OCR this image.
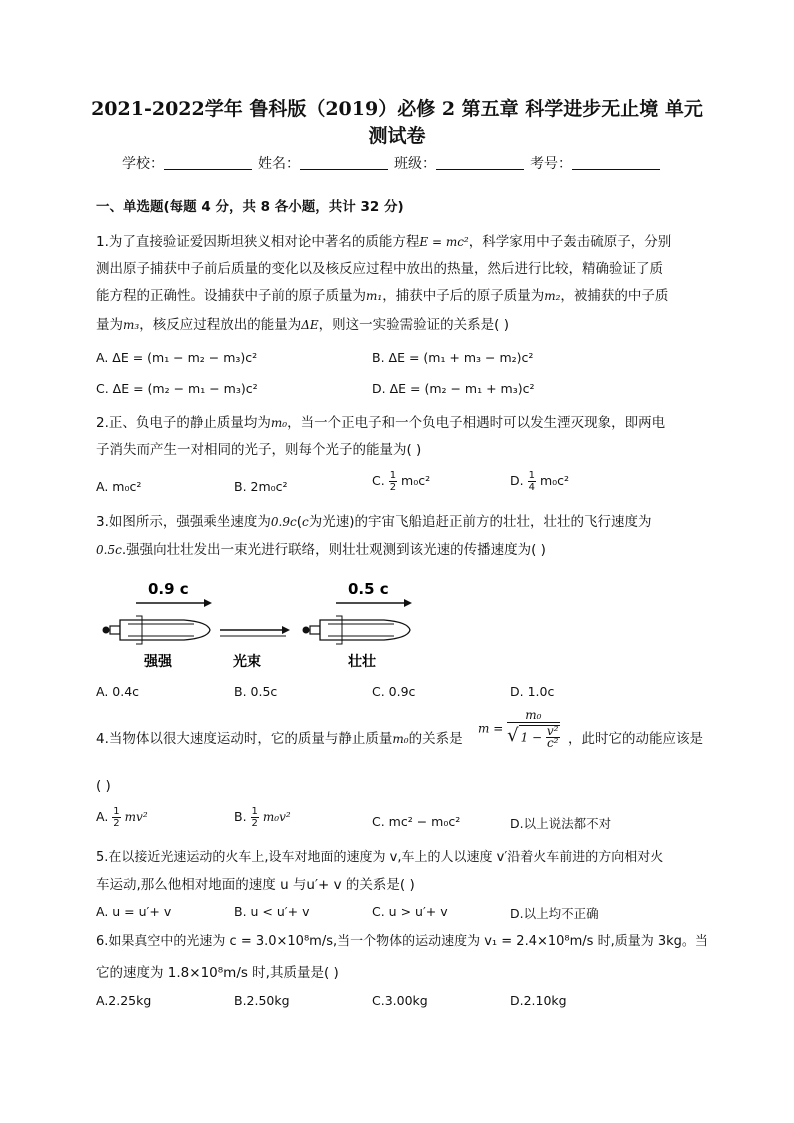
2021-2022学年 鲁科版（2019）必修 2 第五章 科学进步无止境 单元
测试卷
学校：	姓名：	班级：	考号：
一、单选题(每题 4 分，共 8 各小题，共计 32 分)
1.为了直接验证爱因斯坦狭义相对论中著名的质能方程E = mc²，科学家用中子轰击硫原子，分别
测出原子捕获中子前后质量的变化以及核反应过程中放出的热量，然后进行比较，精确验证了质
能方程的正确性。设捕获中子前的原子质量为m₁，捕获中子后的原子质量为m₂，被捕获的中子质
量为m₃，核反应过程放出的能量为ΔE，则这一实验需验证的关系是( )
A. ΔE = (m₁ − m₂ − m₃)c²	B. ΔE = (m₁ + m₃ − m₂)c²
C. ΔE = (m₂ − m₁ − m₃)c²	D. ΔE = (m₂ − m₁ + m₃)c²
2.正、负电子的静止质量均为m₀，当一个正电子和一个负电子相遇时可以发生湮灭现象，即两电
子消失而产生一对相同的光子，则每个光子的能量为( )
A. m₀c²	B. 2m₀c²	C. $\frac{1}{2} m_0c^2$	D. $\frac{1}{4} m_0c^2$
3.如图所示，强强乘坐速度为0.9c(c为光速)的宇宙飞船追赶正前方的壮壮，壮壮的飞行速度为
0.5c.强强向壮壮发出一束光进行联络，则壮壮观测到该光速的传播速度为( )
0.9 c	0.5 c
强强	光束	壮壮
A. 0.4c	B. 0.5c	C. 0.9c	D. 1.0c
4.当物体以很大速度运动时，它的质量与静止质量m₀的关系是
$m = \frac{\text{m₀}}{√ 1 - \frac{\text{v²}}{\text{c²}}}$ ，此时它的动能应该是
( )
A. $\frac{1}{2} mv^2$	B. $\frac{1}{2} m_0v^2$	C. mc² − m₀c²	D.以上说法都不对
5.在以接近光速运动的火车上,设车对地面的速度为 v,车上的人以速度 v′沿着火车前进的方向相对火
车运动,那么他相对地面的速度 u 与u′+ v 的关系是( )
A. u = u′+ v	B. u < u′+ v	C. u > u′+ v	D.以上均不正确
6.如果真空中的光速为 c = 3.0×10⁸m/s,当一个物体的运动速度为 v₁ = 2.4×10⁸m/s 时,质量为 3kg。当
它的速度为 1.8×10⁸m/s 时,其质量是( )
A.2.25kg	B.2.50kg	C.3.00kg	D.2.10kg
